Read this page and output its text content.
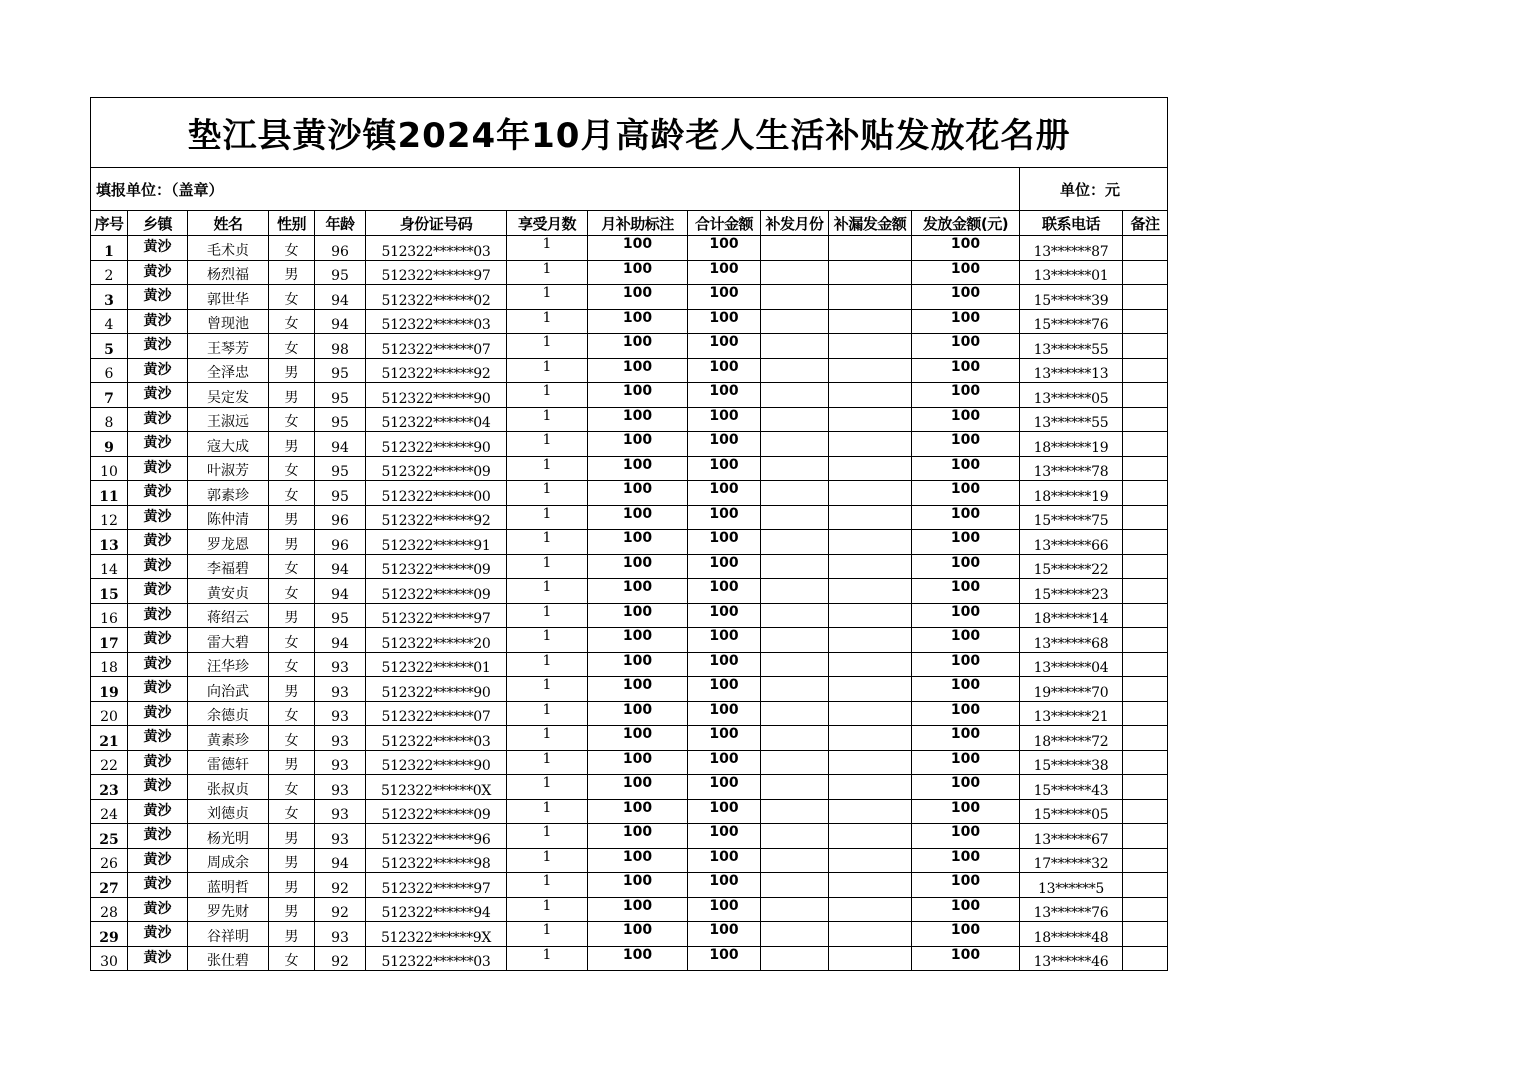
垫江县黄沙镇2024年10月高龄老人生活补贴发放花名册													
填报单位：（盖章）												单位：元	
序号	乡镇	姓名	性别	年龄	身份证号码	享受月数	月补助标注	合计金额	补发月份	补漏发金额	发放金额(元)	联系电话	备注
1	黄沙	毛术贞	女	96	512322******03	1	100	100			100	13******87	
2	黄沙	杨烈福	男	95	512322******97	1	100	100			100	13******01	
3	黄沙	郭世华	女	94	512322******02	1	100	100			100	15******39	
4	黄沙	曾现池	女	94	512322******03	1	100	100			100	15******76	
5	黄沙	王琴芳	女	98	512322******07	1	100	100			100	13******55	
6	黄沙	全泽忠	男	95	512322******92	1	100	100			100	13******13	
7	黄沙	吴定发	男	95	512322******90	1	100	100			100	13******05	
8	黄沙	王淑远	女	95	512322******04	1	100	100			100	13******55	
9	黄沙	寇大成	男	94	512322******90	1	100	100			100	18******19	
10	黄沙	叶淑芳	女	95	512322******09	1	100	100			100	13******78	
11	黄沙	郭素珍	女	95	512322******00	1	100	100			100	18******19	
12	黄沙	陈仲清	男	96	512322******92	1	100	100			100	15******75	
13	黄沙	罗龙恩	男	96	512322******91	1	100	100			100	13******66	
14	黄沙	李福碧	女	94	512322******09	1	100	100			100	15******22	
15	黄沙	黄安贞	女	94	512322******09	1	100	100			100	15******23	
16	黄沙	蒋绍云	男	95	512322******97	1	100	100			100	18******14	
17	黄沙	雷大碧	女	94	512322******20	1	100	100			100	13******68	
18	黄沙	汪华珍	女	93	512322******01	1	100	100			100	13******04	
19	黄沙	向治武	男	93	512322******90	1	100	100			100	19******70	
20	黄沙	余德贞	女	93	512322******07	1	100	100			100	13******21	
21	黄沙	黄素珍	女	93	512322******03	1	100	100			100	18******72	
22	黄沙	雷德轩	男	93	512322******90	1	100	100			100	15******38	
23	黄沙	张叔贞	女	93	512322******0X	1	100	100			100	15******43	
24	黄沙	刘德贞	女	93	512322******09	1	100	100			100	15******05	
25	黄沙	杨光明	男	93	512322******96	1	100	100			100	13******67	
26	黄沙	周成余	男	94	512322******98	1	100	100			100	17******32	
27	黄沙	蓝明哲	男	92	512322******97	1	100	100			100	13******5	
28	黄沙	罗先财	男	92	512322******94	1	100	100			100	13******76	
29	黄沙	谷祥明	男	93	512322******9X	1	100	100			100	18******48	
30	黄沙	张仕碧	女	92	512322******03	1	100	100			100	13******46	
